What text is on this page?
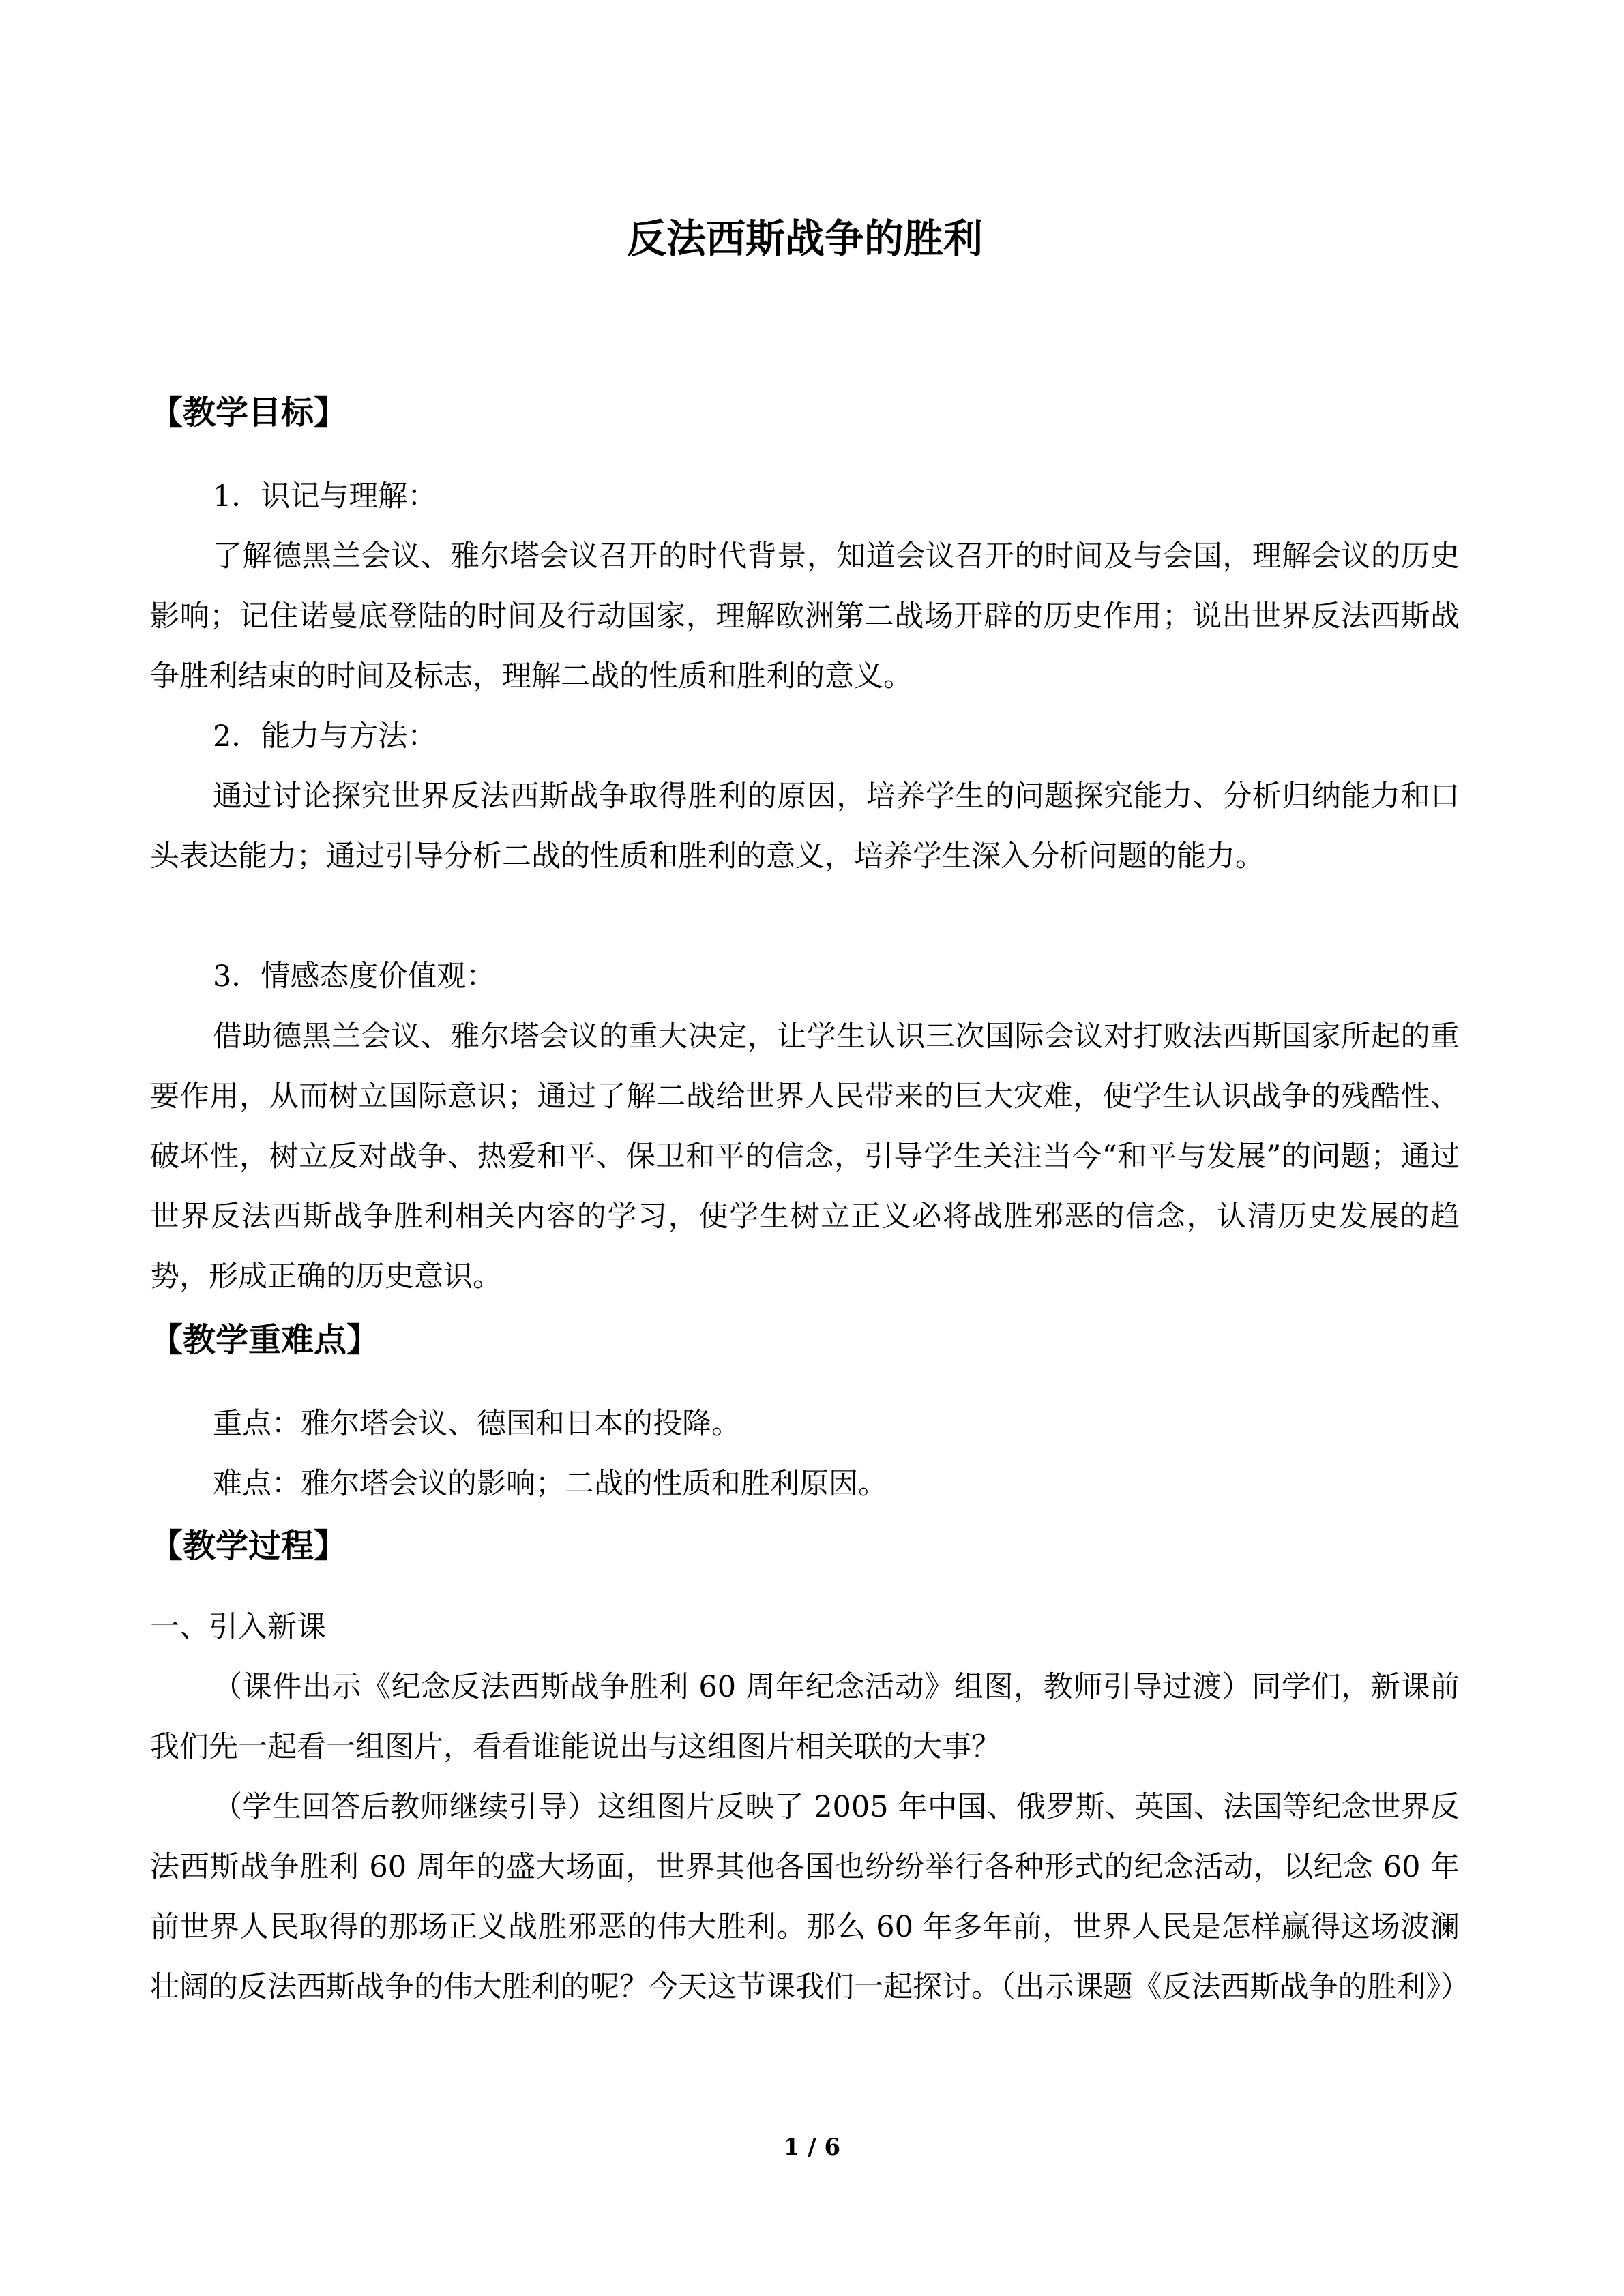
反法西斯战争的胜利
【教学目标】

1．识记与理解：

了解德黑兰会议、雅尔塔会议召开的时代背景，知道会议召开的时间及与会国，理解会议的历史影响；记住诺曼底登陆的时间及行动国家，理解欧洲第二战场开辟的历史作用；说出世界反法西斯战争胜利结束的时间及标志，理解二战的性质和胜利的意义。

2．能力与方法：

通过讨论探究世界反法西斯战争取得胜利的原因，培养学生的问题探究能力、分析归纳能力和口头表达能力；通过引导分析二战的性质和胜利的意义，培养学生深入分析问题的能力。

3．情感态度价值观：

借助德黑兰会议、雅尔塔会议的重大决定，让学生认识三次国际会议对打败法西斯国家所起的重要作用，从而树立国际意识；通过了解二战给世界人民带来的巨大灾难，使学生认识战争的残酷性、破坏性，树立反对战争、热爱和平、保卫和平的信念，引导学生关注当今“和平与发展”的问题；通过世界反法西斯战争胜利相关内容的学习，使学生树立正义必将战胜邪恶的信念，认清历史发展的趋势，形成正确的历史意识。

【教学重难点】

重点：雅尔塔会议、德国和日本的投降。

难点：雅尔塔会议的影响；二战的性质和胜利原因。

【教学过程】

一、引入新课

（课件出示《纪念反法西斯战争胜利 60 周年纪念活动》组图，教师引导过渡）同学们，新课前我们先一起看一组图片，看看谁能说出与这组图片相关联的大事？

（学生回答后教师继续引导）这组图片反映了 2005 年中国、俄罗斯、英国、法国等纪念世界反法西斯战争胜利 60 周年的盛大场面，世界其他各国也纷纷举行各种形式的纪念活动，以纪念 60 年前世界人民取得的那场正义战胜邪恶的伟大胜利。那么 60 年多年前，世界人民是怎样赢得这场波澜壮阔的反法西斯战争的伟大胜利的呢？今天这节课我们一起探讨。（出示课题《反法西斯战争的胜利》）

1 / 6
